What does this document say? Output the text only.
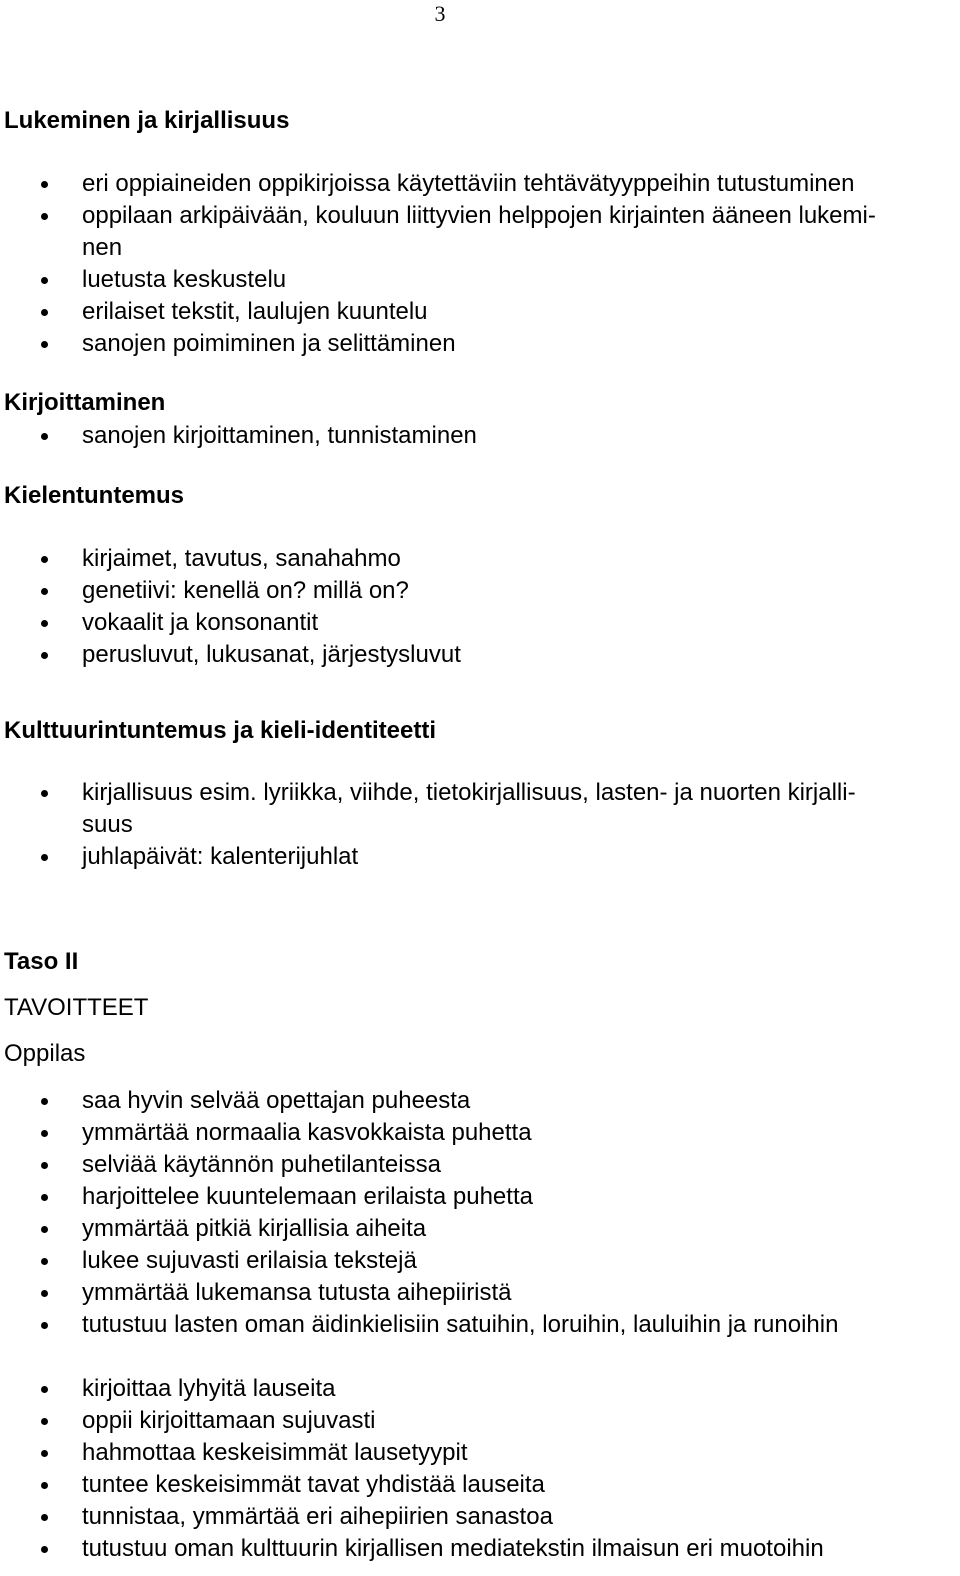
3
Lukeminen ja kirjallisuus
eri oppiaineiden oppikirjoissa käytettäviin tehtävätyyppeihin tutustuminen
oppilaan arkipäivään, kouluun liittyvien helppojen kirjainten ääneen lukemi-
nen
luetusta keskustelu
erilaiset tekstit, laulujen kuuntelu
sanojen poimiminen ja selittäminen
Kirjoittaminen
sanojen kirjoittaminen, tunnistaminen
Kielentuntemus
kirjaimet, tavutus, sanahahmo
genetiivi: kenellä on? millä on?
vokaalit ja konsonantit
perusluvut, lukusanat, järjestysluvut
Kulttuurintuntemus ja kieli-identiteetti
kirjallisuus esim. lyriikka, viihde, tietokirjallisuus, lasten- ja nuorten kirjalli-
suus
juhlapäivät: kalenterijuhlat
Taso II
TAVOITTEET
Oppilas
saa hyvin selvää opettajan puheesta
ymmärtää normaalia kasvokkaista puhetta
selviää käytännön puhetilanteissa
harjoittelee kuuntelemaan erilaista puhetta
ymmärtää pitkiä kirjallisia aiheita
lukee sujuvasti erilaisia tekstejä
ymmärtää lukemansa tutusta aihepiiristä
tutustuu lasten oman äidinkielisiin satuihin, loruihin, lauluihin ja runoihin
kirjoittaa lyhyitä lauseita
oppii kirjoittamaan sujuvasti
hahmottaa keskeisimmät lausetyypit
tuntee keskeisimmät tavat yhdistää lauseita
tunnistaa, ymmärtää eri aihepiirien sanastoa
tutustuu oman kulttuurin kirjallisen mediatekstin ilmaisun eri muotoihin
